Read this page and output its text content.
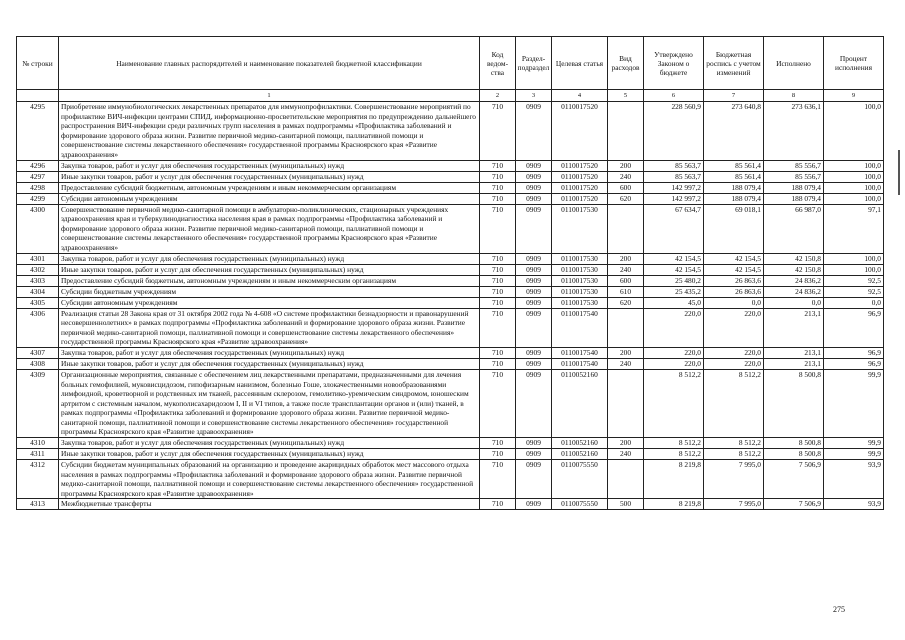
№ строки	Наименование главных распорядителей и наименование показателей бюджетной классификации	Код ведом-ства	Раздел-подраздел	Целевая статья	Вид расходов	Утверждено Законом о бюджете	Бюджетная роспись с учетом изменений	Исполнено	Процент исполнения
	1	2	3	4	5	6	7	8	9
4295	Приобретение иммунобиологических лекарственных препаратов для иммунопрофилактики. Совершенствование мероприятий по профилактике ВИЧ-инфекции центрами СПИД, информационно-просветительские мероприятия по предупреждению дальнейшего распространения ВИЧ-инфекции среди различных групп населения в рамках подпрограммы «Профилактика заболеваний и формирование здорового образа жизни. Развитие первичной медико-санитарной помощи, паллиативной помощи и совершенствование системы лекарственного обеспечения» государственной программы Красноярского края «Развитие здравоохранения»	710	0909	0110017520		228 560,9	273 640,8	273 636,1	100,0
4296	Закупка товаров, работ и услуг для обеспечения государственных (муниципальных) нужд	710	0909	0110017520	200	85 563,7	85 561,4	85 556,7	100,0
4297	Иные закупки товаров, работ и услуг для обеспечения государственных (муниципальных) нужд	710	0909	0110017520	240	85 563,7	85 561,4	85 556,7	100,0
4298	Предоставление субсидий бюджетным, автономным учреждениям и иным некоммерческим организациям	710	0909	0110017520	600	142 997,2	188 079,4	188 079,4	100,0
4299	Субсидии автономным учреждениям	710	0909	0110017520	620	142 997,2	188 079,4	188 079,4	100,0
4300	Совершенствование первичной медико-санитарной помощи в амбулаторно-поликлинических, стационарных учреждениях здравоохранения края и туберкулинодиагностика населения края в рамках подпрограммы «Профилактика заболеваний и формирование здорового образа жизни. Развитие первичной медико-санитарной помощи, паллиативной помощи и совершенствование системы лекарственного обеспечения» государственной программы Красноярского края «Развитие здравоохранения»	710	0909	0110017530		67 634,7	69 018,1	66 987,0	97,1
4301	Закупка товаров, работ и услуг для обеспечения государственных (муниципальных) нужд	710	0909	0110017530	200	42 154,5	42 154,5	42 150,8	100,0
4302	Иные закупки товаров, работ и услуг для обеспечения государственных (муниципальных) нужд	710	0909	0110017530	240	42 154,5	42 154,5	42 150,8	100,0
4303	Предоставление субсидий бюджетным, автономным учреждениям и иным некоммерческим организациям	710	0909	0110017530	600	25 480,2	26 863,6	24 836,2	92,5
4304	Субсидии бюджетным учреждениям	710	0909	0110017530	610	25 435,2	26 863,6	24 836,2	92,5
4305	Субсидии автономным учреждениям	710	0909	0110017530	620	45,0	0,0	0,0	0,0
4306	Реализация статьи 28 Закона края от 31 октября 2002 года № 4-608 «О системе профилактики безнадзорности и правонарушений несовершеннолетних» в рамках подпрограммы «Профилактика заболеваний и формирование здорового образа жизни. Развитие первичной медико-санитарной помощи, паллиативной помощи и совершенствование системы лекарственного обеспечения» государственной программы Красноярского края «Развитие здравоохранения»	710	0909	0110017540		220,0	220,0	213,1	96,9
4307	Закупка товаров, работ и услуг для обеспечения государственных (муниципальных) нужд	710	0909	0110017540	200	220,0	220,0	213,1	96,9
4308	Иные закупки товаров, работ и услуг для обеспечения государственных (муниципальных) нужд	710	0909	0110017540	240	220,0	220,0	213,1	96,9
4309	Организационные мероприятия, связанные с обеспечением лиц лекарственными препаратами, предназначенными для лечения больных гемофилией, муковисцидозом, гипофизарным нанизмом, болезнью Гоше, злокачественными новообразованиями лимфоидной, кроветворной и родственных им тканей, рассеянным склерозом, гемолитико-уремическим синдромом, юношеским артритом с системным началом, мукополисахаридозом I, II и VI типов, а также после трансплантации органов и (или) тканей, в рамках подпрограммы «Профилактика заболеваний и формирование здорового образа жизни. Развитие первичной медико-санитарной помощи, паллиативной помощи и совершенствование системы лекарственного обеспечения» государственной программы Красноярского края «Развитие здравоохранения»	710	0909	0110052160		8 512,2	8 512,2	8 500,8	99,9
4310	Закупка товаров, работ и услуг для обеспечения государственных (муниципальных) нужд	710	0909	0110052160	200	8 512,2	8 512,2	8 500,8	99,9
4311	Иные закупки товаров, работ и услуг для обеспечения государственных (муниципальных) нужд	710	0909	0110052160	240	8 512,2	8 512,2	8 500,8	99,9
4312	Субсидии бюджетам муниципальных образований на организацию и проведение акарицидных обработок мест массового отдыха населения в рамках подпрограммы «Профилактика заболеваний и формирование здорового образа жизни. Развитие первичной медико-санитарной помощи, паллиативной помощи и совершенствование системы лекарственного обеспечения» государственной программы Красноярского края «Развитие здравоохранения»	710	0909	0110075550		8 219,8	7 995,0	7 506,9	93,9
4313	Межбюджетные трансферты	710	0909	0110075550	500	8 219,8	7 995,0	7 506,9	93,9
275
